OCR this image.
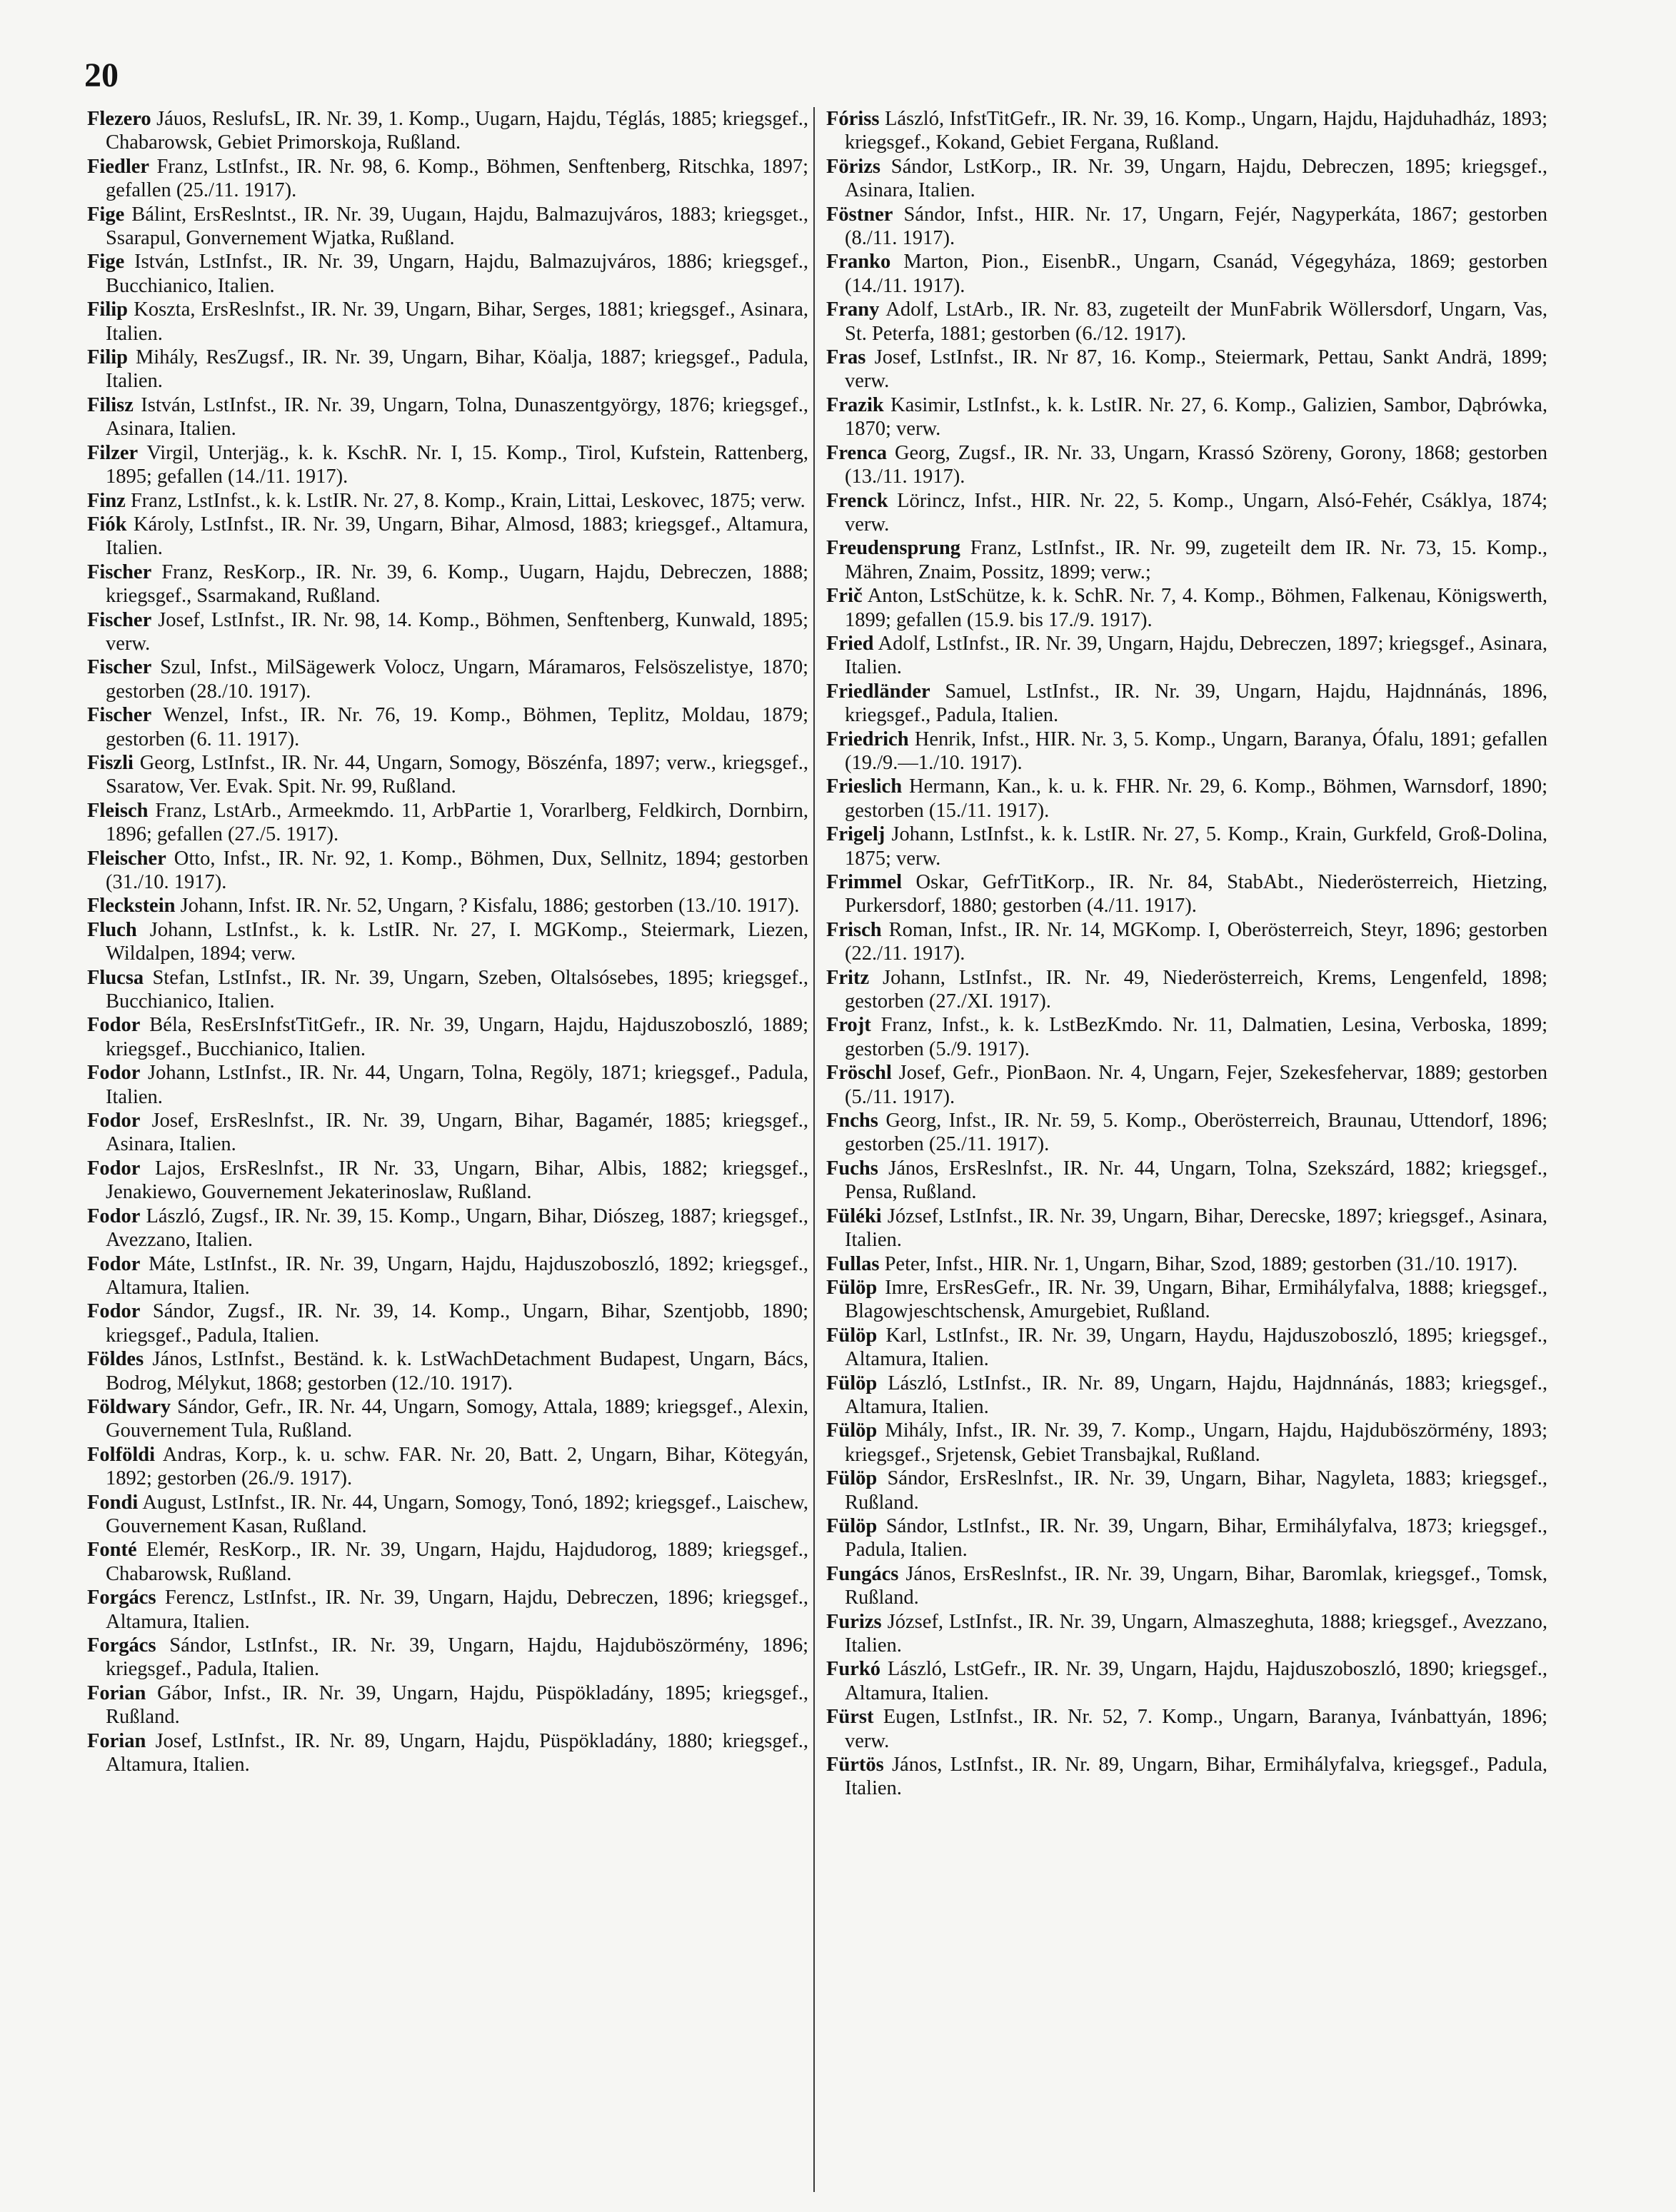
20

Flezero Jáuos, ReslufsL, IR. Nr. 39, 1. Komp., Uugarn, Hajdu, Téglás, 1885; kriegsgef., Chabarowsk, Gebiet Primorskoja, Rußland.

Fiedler Franz, LstInfst., IR. Nr. 98, 6. Komp., Böhmen, Senftenberg, Ritschka, 1897; gefallen (25./11. 1917).

Fige Bálint, ErsReslntst., IR. Nr. 39, Uugaın, Hajdu, Balmazujváros, 1883; kriegsget., Ssarapul, Gonvernement Wjatka, Rußland.

Fige István, LstInfst., IR. Nr. 39, Ungarn, Hajdu, Balmazujváros, 1886; kriegsgef., Bucchianico, Italien.

Filip Koszta, ErsReslnfst., IR. Nr. 39, Ungarn, Bihar, Serges, 1881; kriegsgef., Asinara, Italien.

Filip Mihály, ResZugsf., IR. Nr. 39, Ungarn, Bihar, Köalja, 1887; kriegsgef., Padula, Italien.

Filisz István, LstInfst., IR. Nr. 39, Ungarn, Tolna, Dunaszentgyörgy, 1876; kriegsgef., Asinara, Italien.

Filzer Virgil, Unterjäg., k. k. KschR. Nr. I, 15. Komp., Tirol, Kufstein, Rattenberg, 1895; gefallen (14./11. 1917).

Finz Franz, LstInfst., k. k. LstIR. Nr. 27, 8. Komp., Krain, Littai, Leskovec, 1875; verw.

Fiók Károly, LstInfst., IR. Nr. 39, Ungarn, Bihar, Almosd, 1883; kriegsgef., Altamura, Italien.

Fischer Franz, ResKorp., IR. Nr. 39, 6. Komp., Uugarn, Hajdu, Debreczen, 1888; kriegsgef., Ssarmakand, Rußland.

Fischer Josef, LstInfst., IR. Nr. 98, 14. Komp., Böhmen, Senftenberg, Kunwald, 1895; verw.

Fischer Szul, Infst., MilSägewerk Volocz, Ungarn, Máramaros, Felsöszelistye, 1870; gestorben (28./10. 1917).

Fischer Wenzel, Infst., IR. Nr. 76, 19. Komp., Böhmen, Teplitz, Moldau, 1879; gestorben (6. 11. 1917).

Fiszli Georg, LstInfst., IR. Nr. 44, Ungarn, Somogy, Böszénfa, 1897; verw., kriegsgef., Ssaratow, Ver. Evak. Spit. Nr. 99, Rußland.

Fleisch Franz, LstArb., Armeekmdo. 11, ArbPartie 1, Vorarlberg, Feldkirch, Dornbirn, 1896; gefallen (27./5. 1917).

Fleischer Otto, Infst., IR. Nr. 92, 1. Komp., Böhmen, Dux, Sellnitz, 1894; gestorben (31./10. 1917).

Fleckstein Johann, Infst. IR. Nr. 52, Ungarn, ? Kisfalu, 1886; gestorben (13./10. 1917).

Fluch Johann, LstInfst., k. k. LstIR. Nr. 27, I. MGKomp., Steiermark, Liezen, Wildalpen, 1894; verw.

Flucsa Stefan, LstInfst., IR. Nr. 39, Ungarn, Szeben, Oltalsósebes, 1895; kriegsgef., Bucchianico, Italien.

Fodor Béla, ResErsInfstTitGefr., IR. Nr. 39, Ungarn, Hajdu, Hajduszoboszló, 1889; kriegsgef., Bucchianico, Italien.

Fodor Johann, LstInfst., IR. Nr. 44, Ungarn, Tolna, Regöly, 1871; kriegsgef., Padula, Italien.

Fodor Josef, ErsReslnfst., IR. Nr. 39, Ungarn, Bihar, Bagamér, 1885; kriegsgef., Asinara, Italien.

Fodor Lajos, ErsReslnfst., IR Nr. 33, Ungarn, Bihar, Albis, 1882; kriegsgef., Jenakiewo, Gouvernement Jekaterinoslaw, Rußland.

Fodor László, Zugsf., IR. Nr. 39, 15. Komp., Ungarn, Bihar, Diószeg, 1887; kriegsgef., Avezzano, Italien.

Fodor Máte, LstInfst., IR. Nr. 39, Ungarn, Hajdu, Hajduszoboszló, 1892; kriegsgef., Altamura, Italien.

Fodor Sándor, Zugsf., IR. Nr. 39, 14. Komp., Ungarn, Bihar, Szentjobb, 1890; kriegsgef., Padula, Italien.

Földes János, LstInfst., Beständ. k. k. LstWachDetachment Budapest, Ungarn, Bács, Bodrog, Mélykut, 1868; gestorben (12./10. 1917).

Földwary Sándor, Gefr., IR. Nr. 44, Ungarn, Somogy, Attala, 1889; kriegsgef., Alexin, Gouvernement Tula, Rußland.

Folföldi Andras, Korp., k. u. schw. FAR. Nr. 20, Batt. 2, Ungarn, Bihar, Kötegyán, 1892; gestorben (26./9. 1917).

Fondi August, LstInfst., IR. Nr. 44, Ungarn, Somogy, Tonó, 1892; kriegsgef., Laischew, Gouvernement Kasan, Rußland.

Fonté Elemér, ResKorp., IR. Nr. 39, Ungarn, Hajdu, Hajdudorog, 1889; kriegsgef., Chabarowsk, Rußland.

Forgács Ferencz, LstInfst., IR. Nr. 39, Ungarn, Hajdu, Debreczen, 1896; kriegsgef., Altamura, Italien.

Forgács Sándor, LstInfst., IR. Nr. 39, Ungarn, Hajdu, Hajduböszörmény, 1896; kriegsgef., Padula, Italien.

Forian Gábor, Infst., IR. Nr. 39, Ungarn, Hajdu, Püspökladány, 1895; kriegsgef., Rußland.

Forian Josef, LstInfst., IR. Nr. 89, Ungarn, Hajdu, Püspökladány, 1880; kriegsgef., Altamura, Italien.

Fóriss László, InfstTitGefr., IR. Nr. 39, 16. Komp., Ungarn, Hajdu, Hajduhadház, 1893; kriegsgef., Kokand, Gebiet Fergana, Rußland.

Förizs Sándor, LstKorp., IR. Nr. 39, Ungarn, Hajdu, Debreczen, 1895; kriegsgef., Asinara, Italien.

Föstner Sándor, Infst., HIR. Nr. 17, Ungarn, Fejér, Nagyperkáta, 1867; gestorben (8./11. 1917).

Franko Marton, Pion., EisenbR., Ungarn, Csanád, Végegyháza, 1869; gestorben (14./11. 1917).

Frany Adolf, LstArb., IR. Nr. 83, zugeteilt der MunFabrik Wöllersdorf, Ungarn, Vas, St. Peterfa, 1881; gestorben (6./12. 1917).

Fras Josef, LstInfst., IR. Nr 87, 16. Komp., Steiermark, Pettau, Sankt Andrä, 1899; verw.

Frazik Kasimir, LstInfst., k. k. LstIR. Nr. 27, 6. Komp., Galizien, Sambor, Dąbrówka, 1870; verw.

Frenca Georg, Zugsf., IR. Nr. 33, Ungarn, Krassó Szöreny, Gorony, 1868; gestorben (13./11. 1917).

Frenck Lörincz, Infst., HIR. Nr. 22, 5. Komp., Ungarn, Alsó-Fehér, Csáklya, 1874; verw.

Freudensprung Franz, LstInfst., IR. Nr. 99, zugeteilt dem IR. Nr. 73, 15. Komp., Mähren, Znaim, Possitz, 1899; verw.;

Frič Anton, LstSchütze, k. k. SchR. Nr. 7, 4. Komp., Böhmen, Falkenau, Königswerth, 1899; gefallen (15.9. bis 17./9. 1917).

Fried Adolf, LstInfst., IR. Nr. 39, Ungarn, Hajdu, Debreczen, 1897; kriegsgef., Asinara, Italien.

Friedländer Samuel, LstInfst., IR. Nr. 39, Ungarn, Hajdu, Hajdnnánás, 1896, kriegsgef., Padula, Italien.

Friedrich Henrik, Infst., HIR. Nr. 3, 5. Komp., Ungarn, Baranya, Ófalu, 1891; gefallen (19./9.—1./10. 1917).

Frieslich Hermann, Kan., k. u. k. FHR. Nr. 29, 6. Komp., Böhmen, Warnsdorf, 1890; gestorben (15./11. 1917).

Frigelj Johann, LstInfst., k. k. LstIR. Nr. 27, 5. Komp., Krain, Gurkfeld, Groß-Dolina, 1875; verw.

Frimmel Oskar, GefrTitKorp., IR. Nr. 84, StabAbt., Niederösterreich, Hietzing, Purkersdorf, 1880; gestorben (4./11. 1917).

Frisch Roman, Infst., IR. Nr. 14, MGKomp. I, Oberösterreich, Steyr, 1896; gestorben (22./11. 1917).

Fritz Johann, LstInfst., IR. Nr. 49, Niederösterreich, Krems, Lengenfeld, 1898; gestorben (27./XI. 1917).

Frojt Franz, Infst., k. k. LstBezKmdo. Nr. 11, Dalmatien, Lesina, Verboska, 1899; gestorben (5./9. 1917).

Fröschl Josef, Gefr., PionBaon. Nr. 4, Ungarn, Fejer, Szekesfehervar, 1889; gestorben (5./11. 1917).

Fnchs Georg, Infst., IR. Nr. 59, 5. Komp., Oberösterreich, Braunau, Uttendorf, 1896; gestorben (25./11. 1917).

Fuchs János, ErsReslnfst., IR. Nr. 44, Ungarn, Tolna, Szekszárd, 1882; kriegsgef., Pensa, Rußland.

Füléki József, LstInfst., IR. Nr. 39, Ungarn, Bihar, Derecske, 1897; kriegsgef., Asinara, Italien.

Fullas Peter, Infst., HIR. Nr. 1, Ungarn, Bihar, Szod, 1889; gestorben (31./10. 1917).

Fülöp Imre, ErsResGefr., IR. Nr. 39, Ungarn, Bihar, Ermihályfalva, 1888; kriegsgef., Blagowjeschtschensk, Amurgebiet, Rußland.

Fülöp Karl, LstInfst., IR. Nr. 39, Ungarn, Haydu, Hajduszoboszló, 1895; kriegsgef., Altamura, Italien.

Fülöp László, LstInfst., IR. Nr. 89, Ungarn, Hajdu, Hajdnnánás, 1883; kriegsgef., Altamura, Italien.

Fülöp Mihály, Infst., IR. Nr. 39, 7. Komp., Ungarn, Hajdu, Hajduböszörmény, 1893; kriegsgef., Srjetensk, Gebiet Transbajkal, Rußland.

Fülöp Sándor, ErsReslnfst., IR. Nr. 39, Ungarn, Bihar, Nagyleta, 1883; kriegsgef., Rußland.

Fülöp Sándor, LstInfst., IR. Nr. 39, Ungarn, Bihar, Ermihályfalva, 1873; kriegsgef., Padula, Italien.

Fungács János, ErsReslnfst., IR. Nr. 39, Ungarn, Bihar, Baromlak, kriegsgef., Tomsk, Rußland.

Furizs József, LstInfst., IR. Nr. 39, Ungarn, Almaszeghuta, 1888; kriegsgef., Avezzano, Italien.

Furkó László, LstGefr., IR. Nr. 39, Ungarn, Hajdu, Hajduszoboszló, 1890; kriegsgef., Altamura, Italien.

Fürst Eugen, LstInfst., IR. Nr. 52, 7. Komp., Ungarn, Baranya, Ivánbattyán, 1896; verw.

Fürtös János, LstInfst., IR. Nr. 89, Ungarn, Bihar, Ermihályfalva, kriegsgef., Padula, Italien.
